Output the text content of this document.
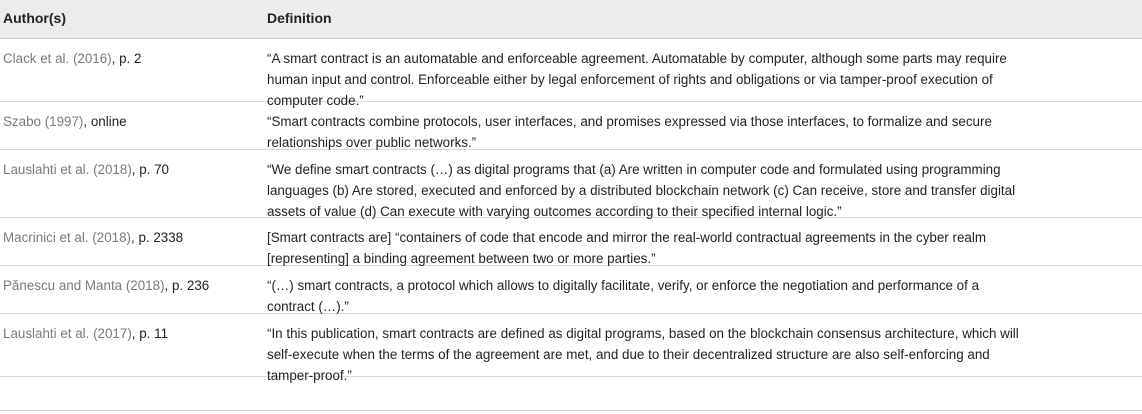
Author(s)	Definition
Clack et al. (2016), p. 2	“A smart contract is an automatable and enforceable agreement. Automatable by computer, although some parts may require
human input and control. Enforceable either by legal enforcement of rights and obligations or via tamper-proof execution of
computer code.”
Szabo (1997), online	“Smart contracts combine protocols, user interfaces, and promises expressed via those interfaces, to formalize and secure
relationships over public networks.”
Lauslahti et al. (2018), p. 70	“We define smart contracts (…) as digital programs that (a) Are written in computer code and formulated using programming
languages (b) Are stored, executed and enforced by a distributed blockchain network (c) Can receive, store and transfer digital
assets of value (d) Can execute with varying outcomes according to their specified internal logic.”
Macrinici et al. (2018), p. 2338	[Smart contracts are] “containers of code that encode and mirror the real-world contractual agreements in the cyber realm
[representing] a binding agreement between two or more parties.”
Pănescu and Manta (2018), p. 236	“(…) smart contracts, a protocol which allows to digitally facilitate, verify, or enforce the negotiation and performance of a
contract (…).”
Lauslahti et al. (2017), p. 11	“In this publication, smart contracts are defined as digital programs, based on the blockchain consensus architecture, which will
self-execute when the terms of the agreement are met, and due to their decentralized structure are also self-enforcing and
tamper-proof.”
